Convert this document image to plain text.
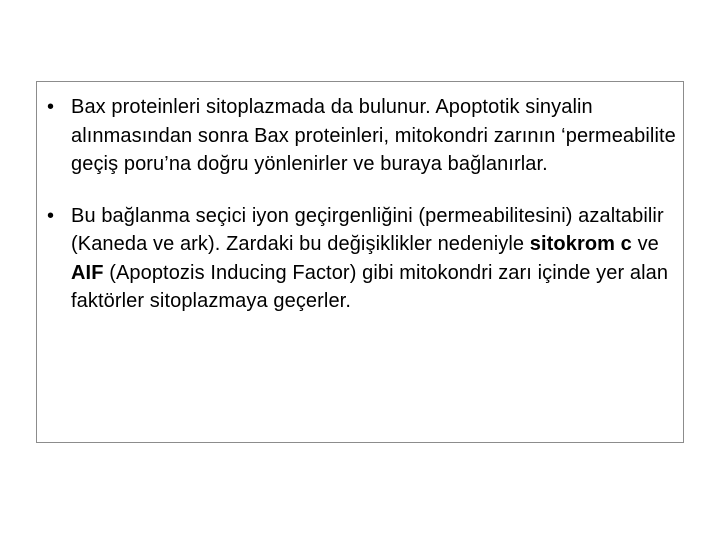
• Bax proteinleri sitoplazmada da bulunur. Apoptotik sinyalin alınmasından sonra Bax proteinleri, mitokondri zarının ‘permeabilite geçiş poru’na doğru yönlenirler ve buraya bağlanırlar.
• Bu bağlanma seçici iyon geçirgenliğini (permeabilitesini) azaltabilir (Kaneda ve ark). Zardaki bu değişiklikler nedeniyle sitokrom c ve AIF (Apoptozis Inducing Factor) gibi mitokondri zarı içinde yer alan faktörler sitoplazmaya geçerler.
